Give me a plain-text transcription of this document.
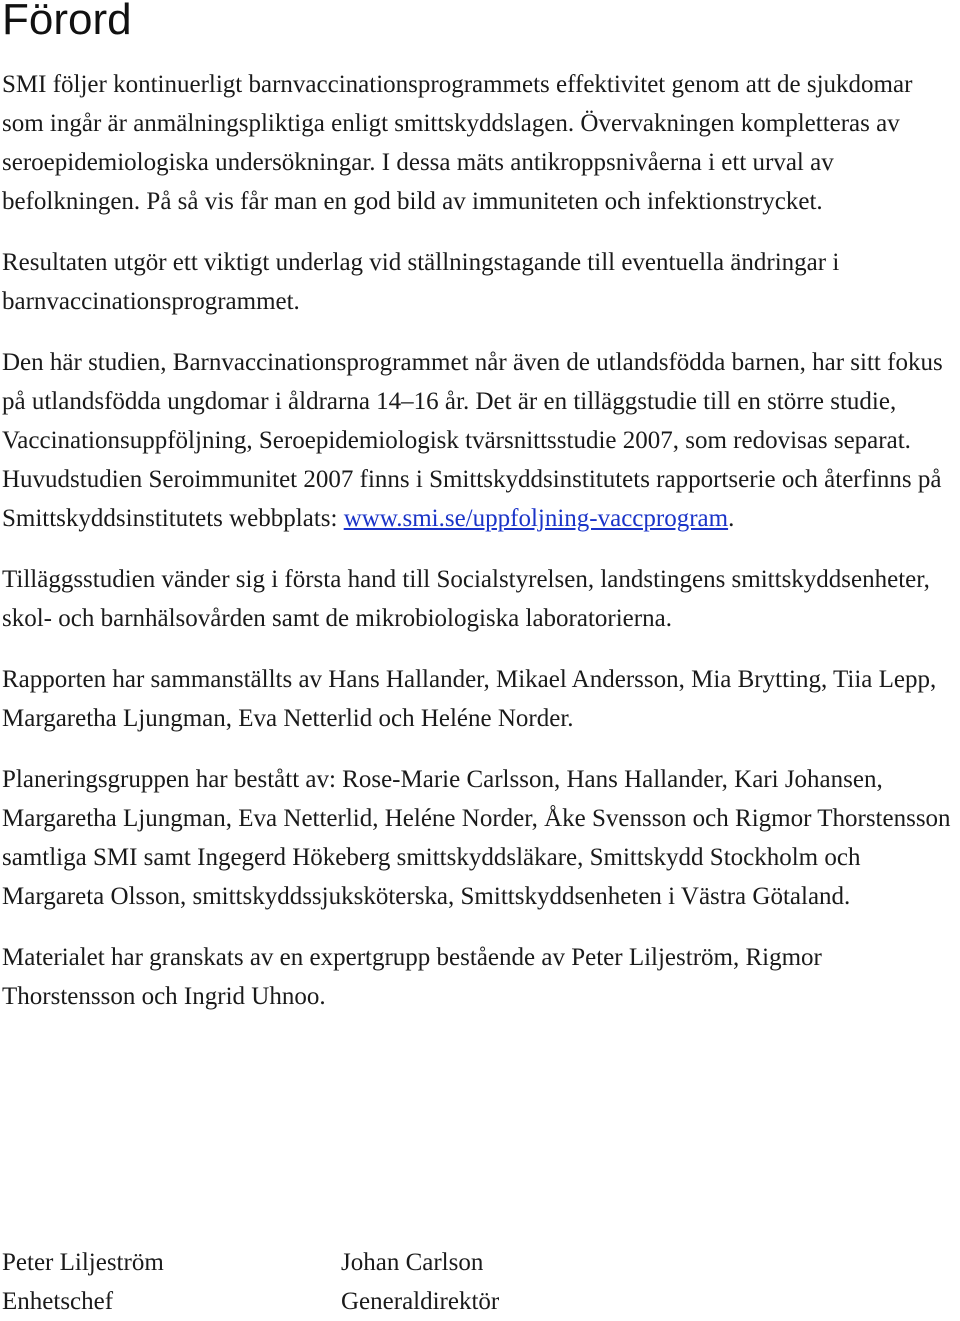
Förord

SMI följer kontinuerligt barnvaccinationsprogrammets effektivitet genom att de sjukdomar som ingår är anmälningspliktiga enligt smittskyddslagen. Övervakningen kompletteras av seroepidemiologiska undersökningar. I dessa mäts antikroppsnivåerna i ett urval av befolkningen. På så vis får man en god bild av immuniteten och infektionstrycket.

Resultaten utgör ett viktigt underlag vid ställningstagande till eventuella ändringar i barnvaccinationsprogrammet.

Den här studien, Barnvaccinationsprogrammet når även de utlandsfödda barnen, har sitt fokus på utlandsfödda ungdomar i åldrarna 14–16 år. Det är en tilläggstudie till en större studie, Vaccinationsuppföljning, Seroepidemiologisk tvärsnittsstudie 2007, som redovisas separat. Huvudstudien Seroimmunitet 2007 finns i Smittskyddsinstitutets rapportserie och återfinns på Smittskyddsinstitutets webbplats: www.smi.se/uppfoljning-vaccprogram.

Tilläggsstudien vänder sig i första hand till Socialstyrelsen, landstingens smittskyddsenheter, skol- och barnhälsovården samt de mikrobiologiska laboratorierna.

Rapporten har sammanställts av Hans Hallander, Mikael Andersson, Mia Brytting, Tiia Lepp, Margaretha Ljungman, Eva Netterlid och Heléne Norder.

Planeringsgruppen har bestått av: Rose-Marie Carlsson, Hans Hallander, Kari Johansen, Margaretha Ljungman, Eva Netterlid, Heléne Norder, Åke Svensson och Rigmor Thorstensson samtliga SMI samt Ingegerd Hökeberg smittskyddsläkare, Smittskydd Stockholm och Margareta Olsson, smittskyddssjuksköterska, Smittskyddsenheten i Västra Götaland.

Materialet har granskats av en expertgrupp bestående av Peter Liljeström, Rigmor Thorstensson och Ingrid Uhnoo.

Peter Liljeström
Enhetschef
Johan Carlson
Generaldirektör
